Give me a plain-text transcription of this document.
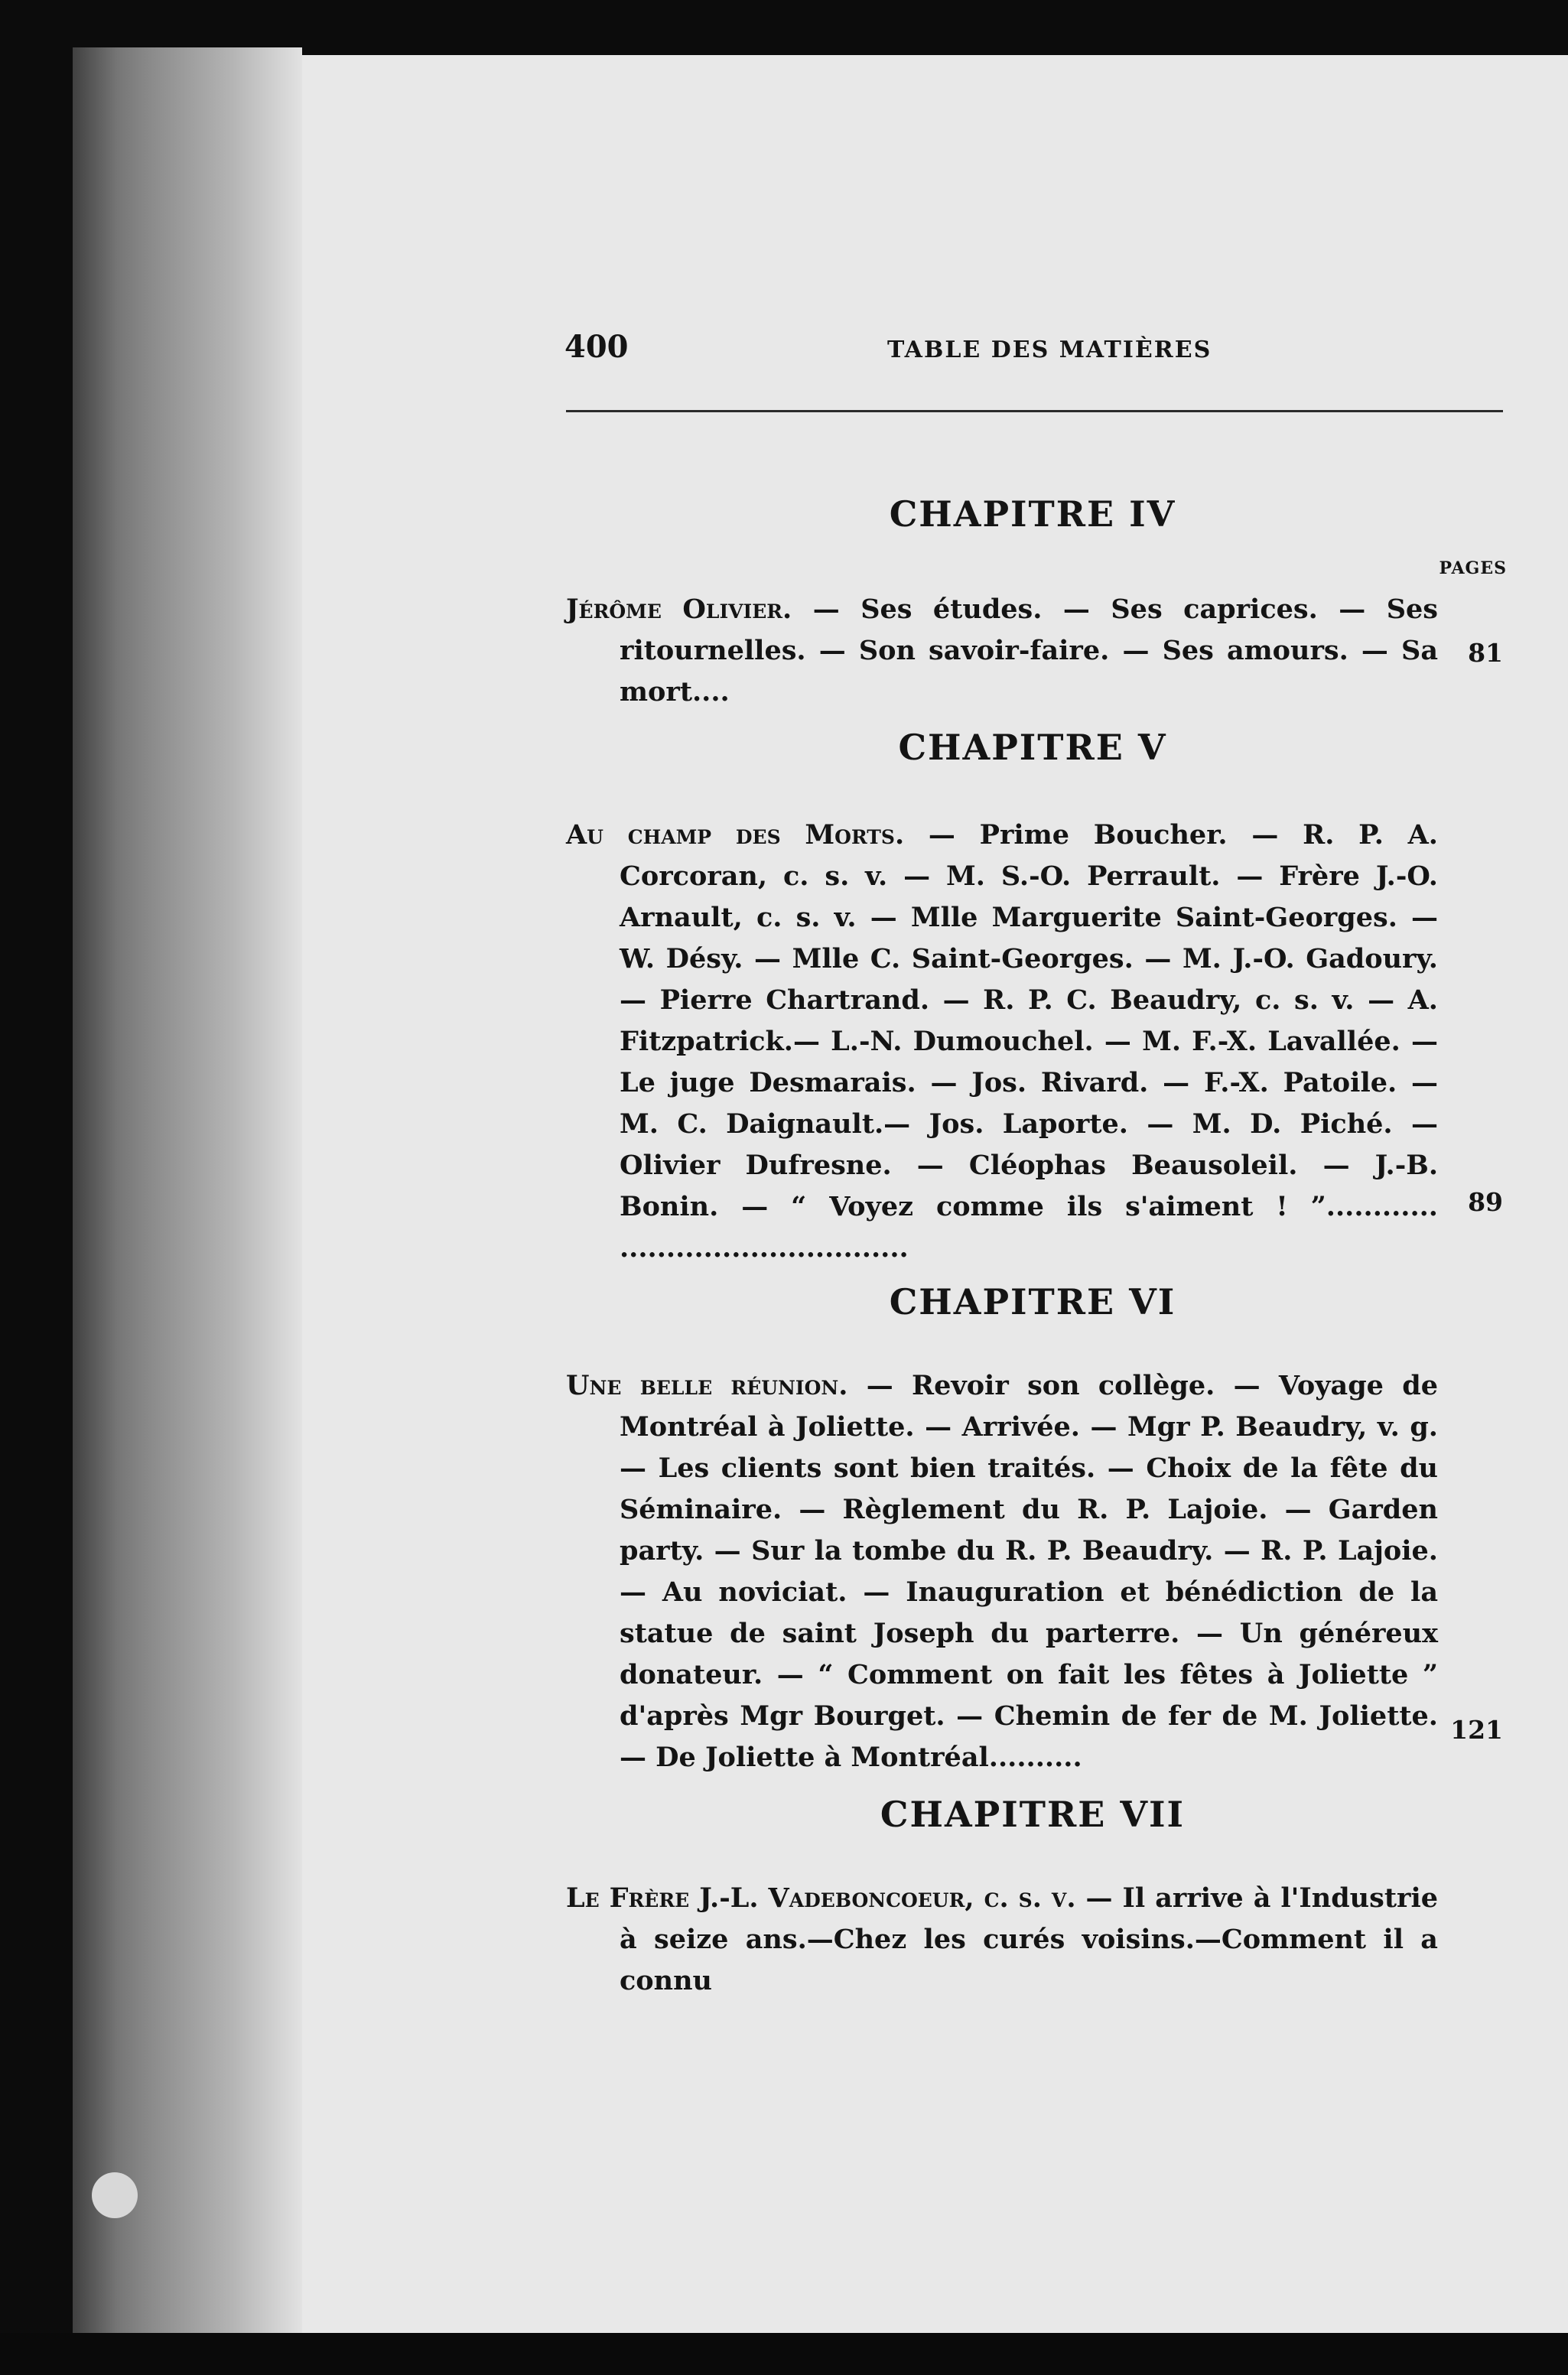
400	TABLE DES MATIÈRES
CHAPITRE IV
PAGES
Jérôme Olivier. — Ses études. — Ses caprices. — Ses ritournelles. — Son savoir-faire. — Ses amours. — Sa mort....
81
CHAPITRE V
Au champ des Morts. — Prime Boucher. — R. P. A. Corcoran, c. s. v. — M. S.-O. Perrault. — Frère J.-O. Arnault, c. s. v. — Mlle Marguerite Saint-Georges. — W. Désy. — Mlle C. Saint-Georges. — M. J.-O. Gadoury. — Pierre Chartrand. — R. P. C. Beaudry, c. s. v. — A. Fitzpatrick.— L.-N. Dumouchel. — M. F.-X. Lavallée. — Le juge Desmarais. — Jos. Rivard. — F.-X. Patoile. — M. C. Daignault.— Jos. Laporte. — M. D. Piché. — Olivier Dufresne. — Cléophas Beausoleil. — J.-B. Bonin. — “ Voyez comme ils s'aiment ! ”............ ...............................
89
CHAPITRE VI
Une belle réunion. — Revoir son collège. — Voyage de Montréal à Joliette. — Arrivée. — Mgr P. Beaudry, v. g. — Les clients sont bien traités. — Choix de la fête du Séminaire. — Règlement du R. P. Lajoie. — Garden party. — Sur la tombe du R. P. Beaudry. — R. P. Lajoie. — Au noviciat. — Inauguration et bénédiction de la statue de saint Joseph du parterre. — Un généreux donateur. — “ Comment on fait les fêtes à Joliette ” d'après Mgr Bourget. — Chemin de fer de M. Joliette. — De Joliette à Montréal..........
121
CHAPITRE VII
Le Frère J.-L. Vadeboncoeur, c. s. v. — Il arrive à l'Industrie à seize ans.—Chez les curés voisins.—Comment il a connu
